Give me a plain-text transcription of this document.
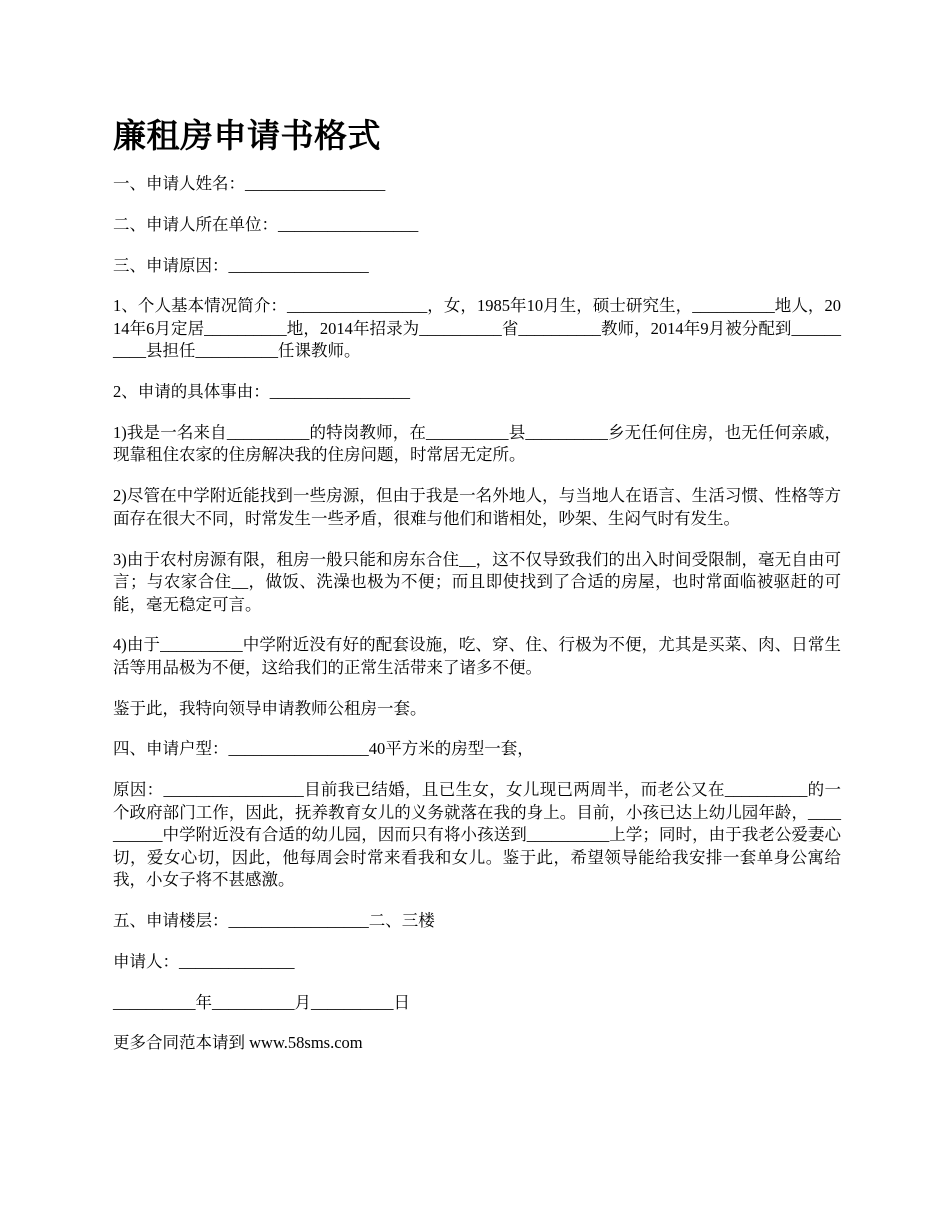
廉租房申请书格式

一、申请人姓名：_________________

二、申请人所在单位：_________________

三、申请原因：_________________

1、个人基本情况简介：_________________，女，1985年10月生，硕士研究生，__________地人，2014年6月定居__________地，2014年招录为__________省__________教师，2014年9月被分配到__________县担任__________任课教师。

2、申请的具体事由：_________________

1)我是一名来自__________的特岗教师，在__________县__________乡无任何住房，也无任何亲戚，现靠租住农家的住房解决我的住房问题，时常居无定所。

2)尽管在中学附近能找到一些房源，但由于我是一名外地人，与当地人在语言、生活习惯、性格等方面存在很大不同，时常发生一些矛盾，很难与他们和谐相处，吵架、生闷气时有发生。

3)由于农村房源有限，租房一般只能和房东合住__，这不仅导致我们的出入时间受限制，毫无自由可言；与农家合住__，做饭、洗澡也极为不便；而且即使找到了合适的房屋，也时常面临被驱赶的可能，毫无稳定可言。

4)由于__________中学附近没有好的配套设施，吃、穿、住、行极为不便，尤其是买菜、肉、日常生活等用品极为不便，这给我们的正常生活带来了诸多不便。

鉴于此，我特向领导申请教师公租房一套。

四、申请户型：_________________40平方米的房型一套，

原因：_________________目前我已结婚，且已生女，女儿现已两周半，而老公又在__________的一个政府部门工作，因此，抚养教育女儿的义务就落在我的身上。目前，小孩已达上幼儿园年龄，__________中学附近没有合适的幼儿园，因而只有将小孩送到__________上学；同时，由于我老公爱妻心切，爱女心切，因此，他每周会时常来看我和女儿。鉴于此，希望领导能给我安排一套单身公寓给我，小女子将不甚感激。

五、申请楼层：_________________二、三楼

申请人：______________

__________年__________月__________日

更多合同范本请到 www.58sms.com
